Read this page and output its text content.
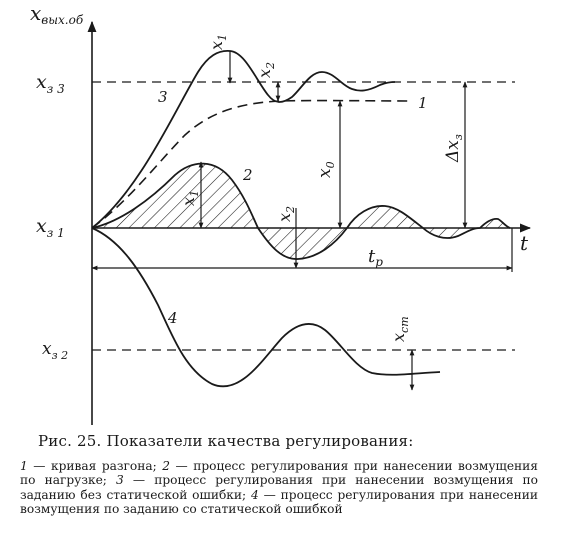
$x_{вых.об}$
t
$x_{з 3}$
$x_{з 1}$
$x_{з 2}$
1
2
3
4
$x_1$
$x_2$
$x_1$
$x_2$
$x_0$
$\Delta x_з$
$x_{ст}$
$t_р$
Рис. 25. Показатели качества регулирования:
1 — кривая разгона; 2 — процесс регулирования при нанесении возмущения по нагрузке; 3 — процесс регулирования при нанесении возмущения по заданию без статической ошибки; 4 — процесс регулирования при нанесении возмущения по заданию со статической ошибкой
